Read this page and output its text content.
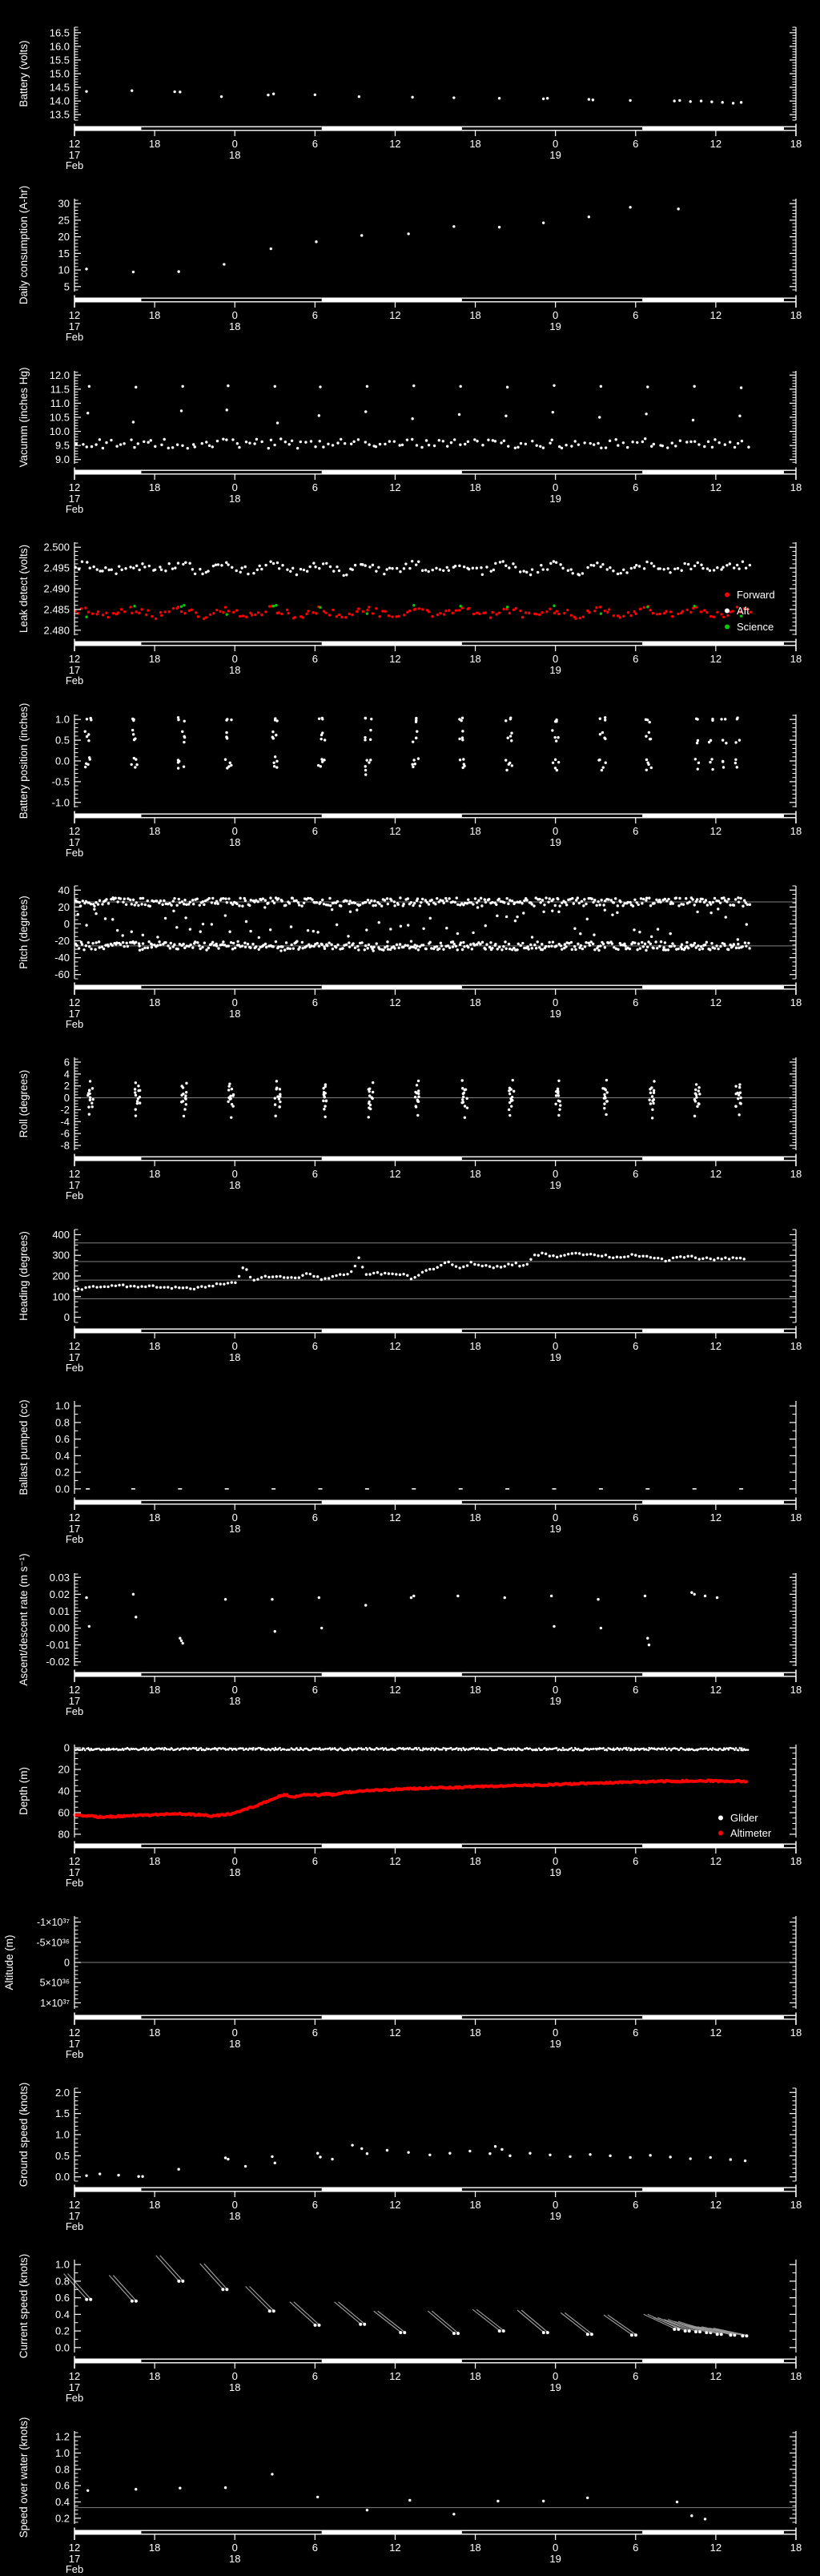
16.5
16.0
15.5
15.0
14.5
14.0
13.5
12	18	0	6	12	18	0	6	12	18
17
Feb
18	19
Battery (volts)
30
25
20
15
10
5
12	18	0	6	12	18	0	6	12	18
17
Feb
18	19
Daily consumption (A-hr)
12.0
11.5
11.0
10.5
10.0
9.5
9.0
12	18	0	6	12	18	0	6	12	18
17
Feb
18	19
Vacumm (inches Hg)
2.500
2.495
2.490
2.485
2.480
12	18	0	6	12	18	0	6	12	18
17
Feb
18	19
Leak detect (volts)	Forward
Aft
Science
1.0
0.5
0.0
-0.5
-1.0
12	18	0	6	12	18	0	6	12	18
17
Feb
18	19
Battery position (inches)
40
20
0
-20
-40
-60
12	18	0	6	12	18	0	6	12	18
17
Feb
18	19
Pitch (degrees)
6
4
2
0
-2
-4
-6
-8
12	18	0	6	12	18	0	6	12	18
17
Feb
18	19
Roll (degrees)
400
300
200
100
0
12	18	0	6	12	18	0	6	12	18
17
Feb
18	19
Heading (degrees)
1.0
0.8
0.6
0.4
0.2
0.0
12	18	0	6	12	18	0	6	12	18
17
Feb
18	19
Ballast pumped (cc)
0.03
0.02
0.01
0.00
-0.01
-0.02
12	18	0	6	12	18	0	6	12	18
17
Feb
18	19
Ascent/descent rate (m s⁻¹)
0
20
40
60
80
12	18	0	6	12	18	0	6	12	18
17
Feb
18	19
Depth (m)
Glider
Altimeter
-1×10³⁷
-5×10³⁶
0
5×10³⁶
1×10³⁷
12	18	0	6	12	18	0	6	12	18
17
Feb
18	19
Altitude (m)
2.0
1.5
1.0
0.5
0.0
12	18	0	6	12	18	0	6	12	18
17
Feb
18	19
Ground speed (knots)
1.0
0.8
0.6
0.4
0.2
0.0
12	18	0	6	12	18	0	6	12	18
17
Feb
18	19
Current speed (knots)
1.2
1.0
0.8
0.6
0.4
0.2
12	18	0	6	12	18	0	6	12	18
17
Feb
18	19
Speed over water (knots)
